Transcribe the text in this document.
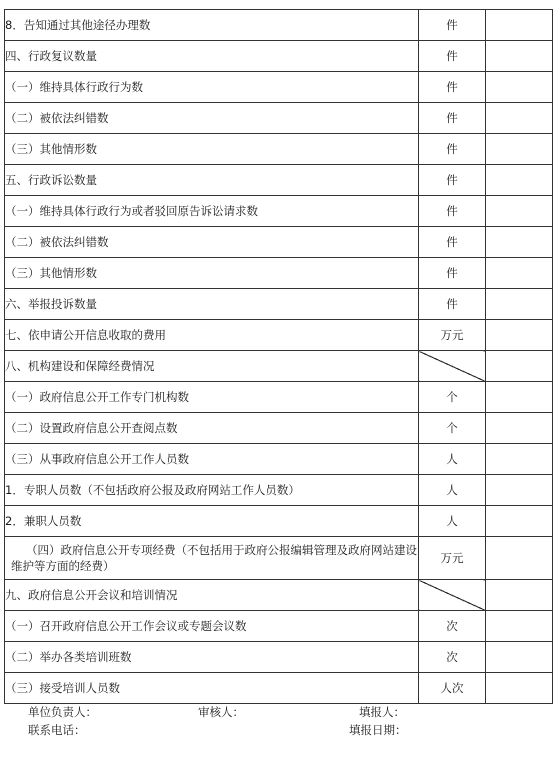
8．告知通过其他途径办理数	件	
四、行政复议数量	件	
（一）维持具体行政行为数	件	
（二）被依法纠错数	件	
（三）其他情形数	件	
五、行政诉讼数量	件	
（一）维持具体行政行为或者驳回原告诉讼请求数	件	
（二）被依法纠错数	件	
（三）其他情形数	件	
六、举报投诉数量	件	
七、依申请公开信息收取的费用	万元	
八、机构建设和保障经费情况		
（一）政府信息公开工作专门机构数	个	
（二）设置政府信息公开查阅点数	个	
（三）从事政府信息公开工作人员数	人	
1．专职人员数（不包括政府公报及政府网站工作人员数）	人	
2．兼职人员数	人	
（四）政府信息公开专项经费（不包括用于政府公报编辑管理及政府网站建设维护等方面的经费）	万元	
九、政府信息公开会议和培训情况		
（一）召开政府信息公开工作会议或专题会议数	次	
（二）举办各类培训班数	次	
（三）接受培训人员数	人次	
单位负责人：	审核人：	填报人：
联系电话：	填报日期：
